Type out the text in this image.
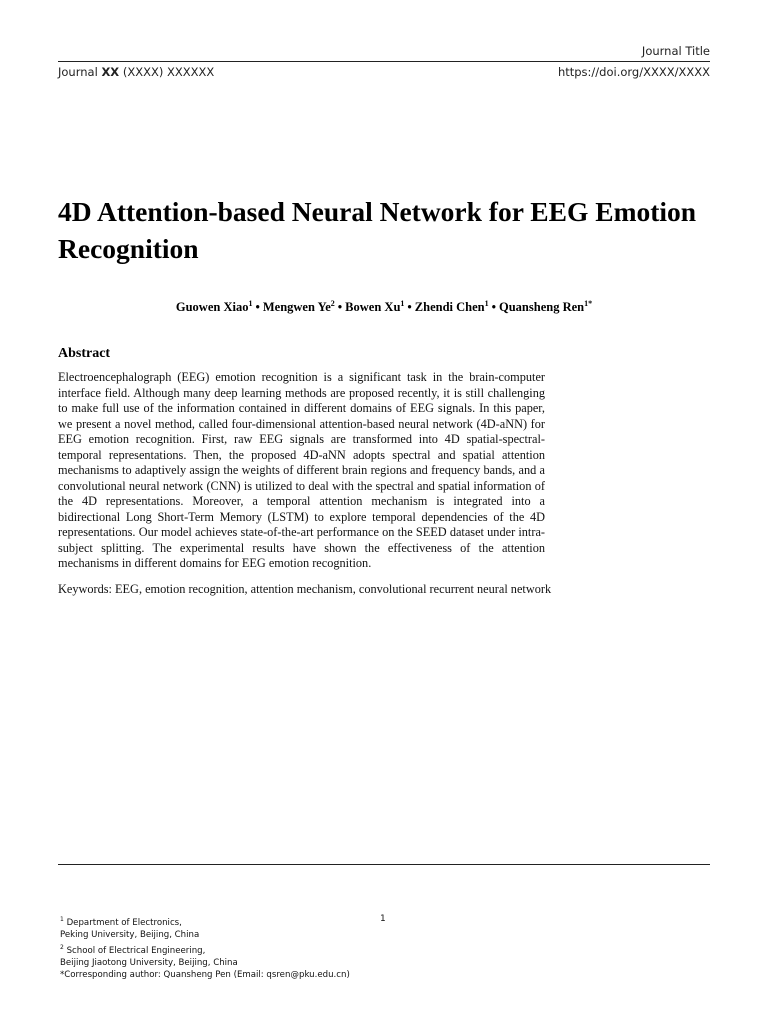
Journal Title
Journal XX (XXXX) XXXXXX	https://doi.org/XXXX/XXXX
4D Attention-based Neural Network for EEG Emotion Recognition
Guowen Xiao$^1$ • Mengwen Ye$^2$ • Bowen Xu$^1$ • Zhendi Chen$^1$ • Quansheng Ren$^{1*}$
Abstract

Electroencephalograph (EEG) emotion recognition is a significant task in the brain-computer interface field. Although many deep learning methods are proposed recently, it is still challenging to make full use of the information contained in different domains of EEG signals. In this paper, we present a novel method, called four-dimensional attention-based neural network (4D-aNN) for EEG emotion recognition. First, raw EEG signals are transformed into 4D spatial-spectral-temporal representations. Then, the proposed 4D-aNN adopts spectral and spatial attention mechanisms to adaptively assign the weights of different brain regions and frequency bands, and a convolutional neural network (CNN) is utilized to deal with the spectral and spatial information of the 4D representations. Moreover, a temporal attention mechanism is integrated into a bidirectional Long Short-Term Memory (LSTM) to explore temporal dependencies of the 4D representations. Our model achieves state-of-the-art performance on the SEED dataset under intra-subject splitting. The experimental results have shown the effectiveness of the attention mechanisms in different domains for EEG emotion recognition.

Keywords: EEG, emotion recognition, attention mechanism, convolutional recurrent neural network
$^1$ Department of Electronics,
Peking University, Beijing, China
$^2$ School of Electrical Engineering,
Beijing Jiaotong University, Beijing, China
*Corresponding author: Quansheng Pen (Email: qsren@pku.edu.cn)
1
